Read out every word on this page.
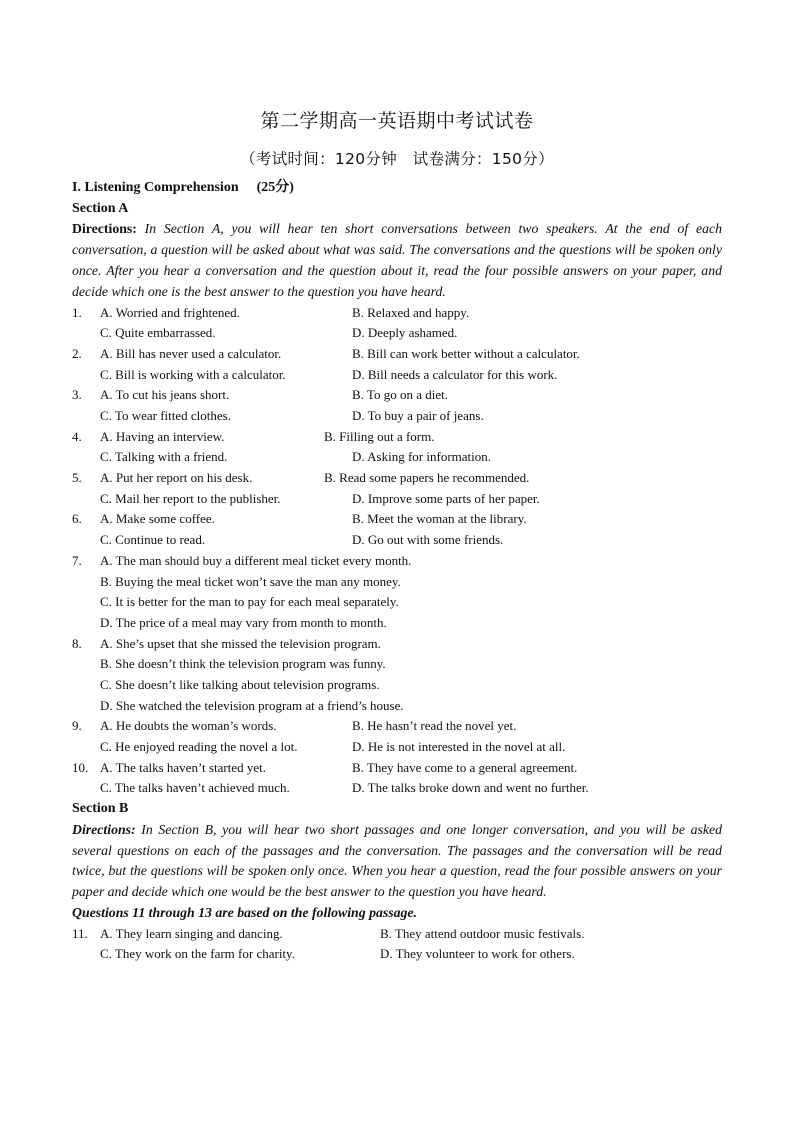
第二学期高一英语期中考试试卷
（考试时间：120分钟　试卷满分：150分）
I. Listening Comprehension (25分)
Section A
Directions: In Section A, you will hear ten short conversations between two speakers. At the end of each conversation, a question will be asked about what was said. The conversations and the questions will be spoken only once. After you hear a conversation and the question about it, read the four possible answers on your paper, and decide which one is the best answer to the question you have heard.
1. A. Worried and frightened.	B. Relaxed and happy.
C. Quite embarrassed.	D. Deeply ashamed.
2. A. Bill has never used a calculator.	B. Bill can work better without a calculator.
C. Bill is working with a calculator.	D. Bill needs a calculator for this work.
3. A. To cut his jeans short.	B. To go on a diet.
C. To wear fitted clothes.	D. To buy a pair of jeans.
4. A. Having an interview.	B. Filling out a form.
C. Talking with a friend.	D. Asking for information.
5. A. Put her report on his desk.	B. Read some papers he recommended.
C. Mail her report to the publisher.	D. Improve some parts of her paper.
6. A. Make some coffee.	B. Meet the woman at the library.
C. Continue to read.	D. Go out with some friends.
7. A. The man should buy a different meal ticket every month.
B. Buying the meal ticket won’t save the man any money.
C. It is better for the man to pay for each meal separately.
D. The price of a meal may vary from month to month.
8. A. She’s upset that she missed the television program.
B. She doesn’t think the television program was funny.
C. She doesn’t like talking about television programs.
D. She watched the television program at a friend’s house.
9. A. He doubts the woman’s words.	B. He hasn’t read the novel yet.
C. He enjoyed reading the novel a lot.	D. He is not interested in the novel at all.
10. A. The talks haven’t started yet.	B. They have come to a general agreement.
C. The talks haven’t achieved much.	D. The talks broke down and went no further.
Section B
Directions: In Section B, you will hear two short passages and one longer conversation, and you will be asked several questions on each of the passages and the conversation. The passages and the conversation will be read twice, but the questions will be spoken only once. When you hear a question, read the four possible answers on your paper and decide which one would be the best answer to the question you have heard.
Questions 11 through 13 are based on the following passage.
11. A. They learn singing and dancing.	B. They attend outdoor music festivals.
C. They work on the farm for charity.	D. They volunteer to work for others.
